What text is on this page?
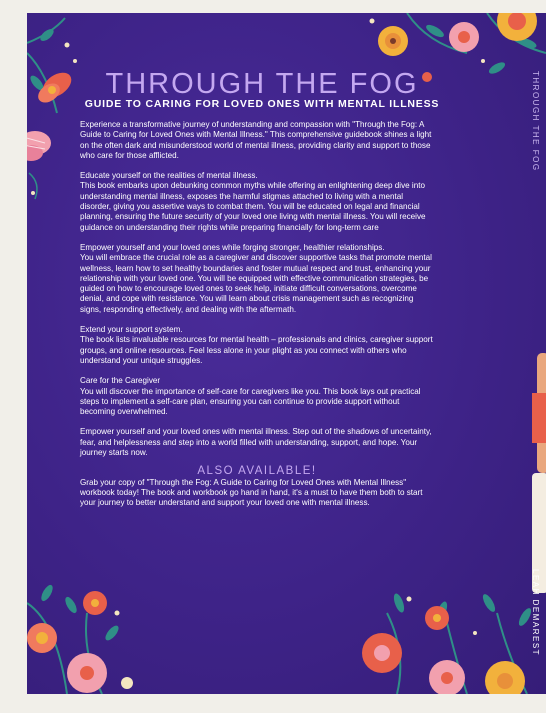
THROUGH THE FOG
GUIDE TO CARING FOR LOVED ONES WITH MENTAL ILLNESS	THROUGH THE FOG
LEAH DEMAREST

Experience a transformative journey of understanding and compassion with "Through the Fog: A Guide to Caring for Loved Ones with Mental Illness." This comprehensive guidebook shines a light on the often dark and misunderstood world of mental illness, providing clarity and support to those who care for those afflicted.

Educate yourself on the realities of mental illness.
This book embarks upon debunking common myths while offering an enlightening deep dive into understanding mental illness, exposes the harmful stigmas attached to living with a mental disorder, giving you assertive ways to combat them. You will be educated on legal and financial planning, ensuring the future security of your loved one living with mental illness. You will receive guidance on understanding their rights while preparing financially for long-term care

Empower yourself and your loved ones while forging stronger, healthier relationships.
You will embrace the crucial role as a caregiver and discover supportive tasks that promote mental wellness, learn how to set healthy boundaries and foster mutual respect and trust, enhancing your relationship with your loved one. You will be equipped with effective communication strategies, be guided on how to encourage loved ones to seek help, initiate difficult conversations, overcome denial, and cope with resistance. You will learn about crisis management such as recognizing signs, responding effectively, and dealing with the aftermath.

Extend your support system.
The book lists invaluable resources for mental health – professionals and clinics, caregiver support groups, and online resources. Feel less alone in your plight as you connect with others who understand your unique struggles.

Care for the Caregiver
You will discover the importance of self-care for caregivers like you. This book lays out practical steps to implement a self-care plan, ensuring you can continue to provide support without becoming overwhelmed.

Empower yourself and your loved ones with mental illness. Step out of the shadows of uncertainty, fear, and helplessness and step into a world filled with understanding, support, and hope. Your journey starts now.

ALSO AVAILABLE!

Grab your copy of "Through the Fog: A Guide to Caring for Loved Ones with Mental Illness" workbook today! The book and workbook go hand in hand, it's a must to have them both to start your journey to better understand and support your loved one with mental illness.
